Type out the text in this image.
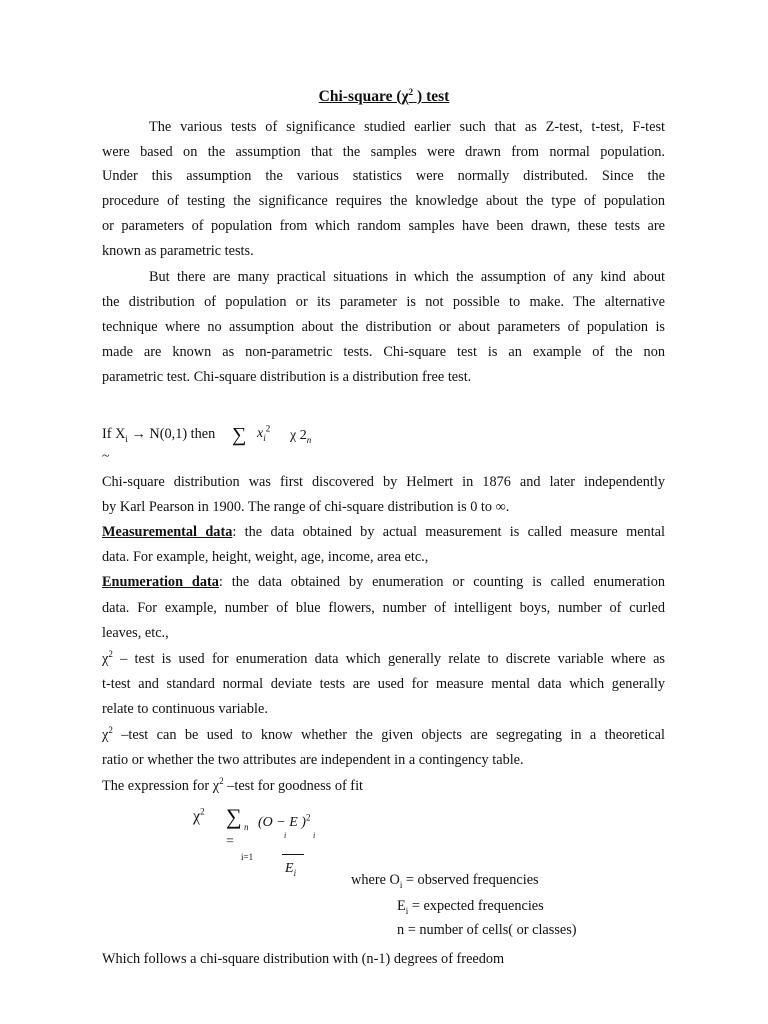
Chi-square ($\chi^2$ ) test
The various tests of significance studied earlier such that as Z-test, t-test, F-test
were based on the assumption that the samples were drawn from normal population.
Under this assumption the various statistics were normally distributed. Since the
procedure of testing the significance requires the knowledge about the type of population
or parameters of population from which random samples have been drawn, these tests are
known as parametric tests.
But there are many practical situations in which the assumption of any kind about
the distribution of population or its parameter is not possible to make. The alternative
technique where no assumption about the distribution or about parameters of population is
made are known as non-parametric tests. Chi-square test is an example of the non
parametric test. Chi-square distribution is a distribution free test.
If $X_i \to N(0,1)$ then ∑ $x_i^2$ χ $2_n$
~
Chi-square distribution was first discovered by Helmert in 1876 and later independently
by Karl Pearson in 1900. The range of chi-square distribution is 0 to ∞.
Measuremental data: the data obtained by actual measurement is called measure mental
data. For example, height, weight, age, income, area etc.,
Enumeration data: the data obtained by enumeration or counting is called enumeration
data. For example, number of blue flowers, number of intelligent boys, number of curled
leaves, etc.,
$\chi^2$ – test is used for enumeration data which generally relate to discrete variable where as
t-test and standard normal deviate tests are used for measure mental data which generally
relate to continuous variable.
$\chi^2$ –test can be used to know whether the given objects are segregating in a theoretical
ratio or whether the two attributes are independent in a contingency table.
The expression for $\chi^2$ –test for goodness of fit
$\chi^2$ ∑ n (O − E )$^2$
i	i
=
i=1
$E_i$	where $O_i$ = observed frequencies
$E_i$ = expected frequencies
n = number of cells( or classes)
Which follows a chi-square distribution with (n-1) degrees of freedom
